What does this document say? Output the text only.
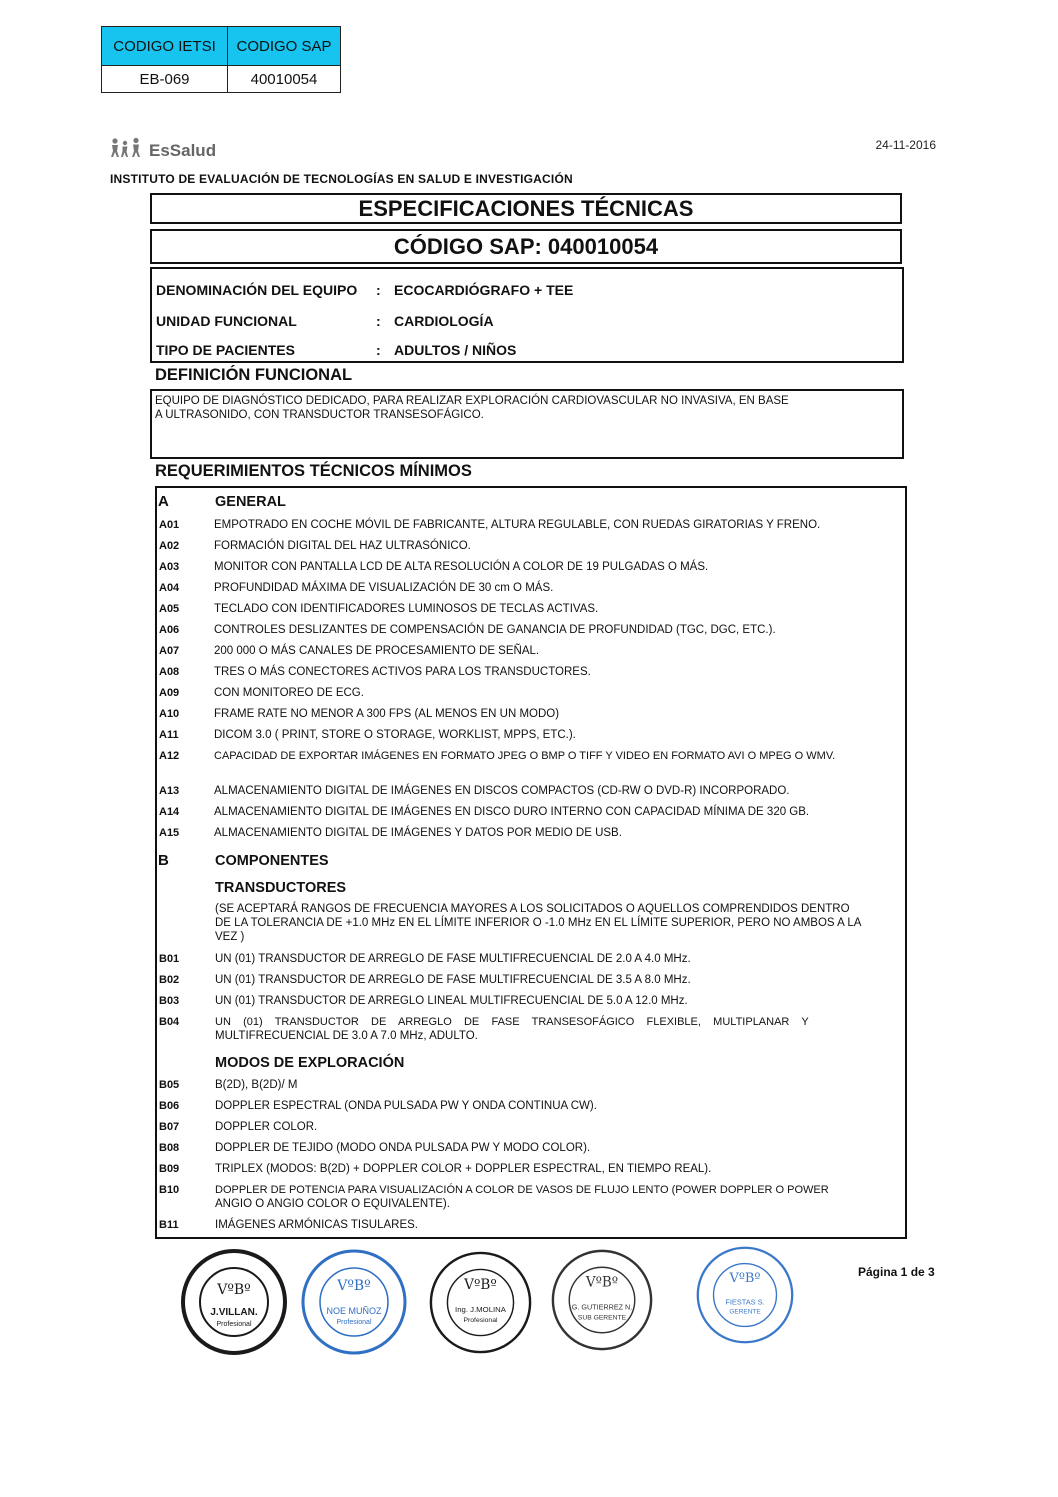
CODIGO IETSI	CODIGO SAP
EB-069	40010054
EsSalud	24-11-2016
INSTITUTO DE EVALUACIÓN DE TECNOLOGÍAS EN SALUD E INVESTIGACIÓN
ESPECIFICACIONES TÉCNICAS
CÓDIGO SAP: 040010054
DENOMINACIÓN DEL EQUIPO	: ECOCARDIÓGRAFO + TEE
UNIDAD FUNCIONAL	: CARDIOLOGÍA
TIPO DE PACIENTES	: ADULTOS / NIÑOS
DEFINICIÓN FUNCIONAL
EQUIPO DE DIAGNÓSTICO DEDICADO, PARA REALIZAR EXPLORACIÓN CARDIOVASCULAR NO INVASIVA, EN BASE
A ULTRASONIDO, CON TRANSDUCTOR TRANSESOFÁGICO.
REQUERIMIENTOS TÉCNICOS MÍNIMOS
A	GENERAL
A01	EMPOTRADO EN COCHE MÓVIL DE FABRICANTE, ALTURA REGULABLE, CON RUEDAS GIRATORIAS Y FRENO.
A02	FORMACIÓN DIGITAL DEL HAZ ULTRASÓNICO.
A03	MONITOR CON PANTALLA LCD DE ALTA RESOLUCIÓN A COLOR DE 19 PULGADAS O MÁS.
A04	PROFUNDIDAD MÁXIMA DE VISUALIZACIÓN DE 30 cm O MÁS.
A05	TECLADO CON IDENTIFICADORES LUMINOSOS DE TECLAS ACTIVAS.
A06	CONTROLES DESLIZANTES DE COMPENSACIÓN DE GANANCIA DE PROFUNDIDAD (TGC, DGC, ETC.).
A07	200 000 O MÁS CANALES DE PROCESAMIENTO DE SEÑAL.
A08	TRES O MÁS CONECTORES ACTIVOS PARA LOS TRANSDUCTORES.
A09	CON MONITOREO DE ECG.
A10	FRAME RATE NO MENOR A 300 FPS (AL MENOS EN UN MODO)
A11	DICOM 3.0 ( PRINT, STORE O STORAGE, WORKLIST, MPPS, ETC.).
A12	CAPACIDAD DE EXPORTAR IMÁGENES EN FORMATO JPEG O BMP O TIFF Y VIDEO EN FORMATO AVI O MPEG O WMV.
A13	ALMACENAMIENTO DIGITAL DE IMÁGENES EN DISCOS COMPACTOS (CD-RW O DVD-R) INCORPORADO.
A14	ALMACENAMIENTO DIGITAL DE IMÁGENES EN DISCO DURO INTERNO CON CAPACIDAD MÍNIMA DE 320 GB.
A15	ALMACENAMIENTO DIGITAL DE IMÁGENES Y DATOS POR MEDIO DE USB.
B	COMPONENTES
TRANSDUCTORES
(SE ACEPTARÁ RANGOS DE FRECUENCIA MAYORES A LOS SOLICITADOS O AQUELLOS COMPRENDIDOS DENTRO
DE LA TOLERANCIA DE +1.0 MHz EN EL LÍMITE INFERIOR O -1.0 MHz EN EL LÍMITE SUPERIOR, PERO NO AMBOS A LA
VEZ )
B01	UN (01) TRANSDUCTOR DE ARREGLO DE FASE MULTIFRECUENCIAL DE 2.0 A 4.0 MHz.
B02	UN (01) TRANSDUCTOR DE ARREGLO DE FASE MULTIFRECUENCIAL DE 3.5 A 8.0 MHz.
B03	UN (01) TRANSDUCTOR DE ARREGLO LINEAL MULTIFRECUENCIAL DE 5.0 A 12.0 MHz.
B04	UN    (01)    TRANSDUCTOR    DE    ARREGLO    DE    FASE    TRANSESOFÁGICO    FLEXIBLE,    MULTIPLANAR    Y
MULTIFRECUENCIAL DE 3.0 A 7.0 MHz, ADULTO.
MODOS DE EXPLORACIÓN
B05	B(2D), B(2D)/ M
B06	DOPPLER ESPECTRAL (ONDA PULSADA PW Y ONDA CONTINUA CW).
B07	DOPPLER COLOR.
B08	DOPPLER DE TEJIDO (MODO ONDA PULSADA PW Y MODO COLOR).
B09	TRIPLEX (MODOS: B(2D) + DOPPLER COLOR + DOPPLER ESPECTRAL, EN TIEMPO REAL).
B10	DOPPLER DE POTENCIA PARA VISUALIZACIÓN A COLOR DE VASOS DE FLUJO LENTO (POWER DOPPLER O POWER
ANGIO O ANGIO COLOR O EQUIVALENTE).
B11	IMÁGENES ARMÓNICAS TISULARES.
VºBº
J.VILLAN.
Profesional
VºBº
NOE MUÑOZ
Profesional
VºBº
Ing. J.MOLINA
Profesional
VºBº
G. GUTIERREZ N.
SUB GERENTE
VºBº
FIESTAS S.
GERENTE
Página 1 de 3
